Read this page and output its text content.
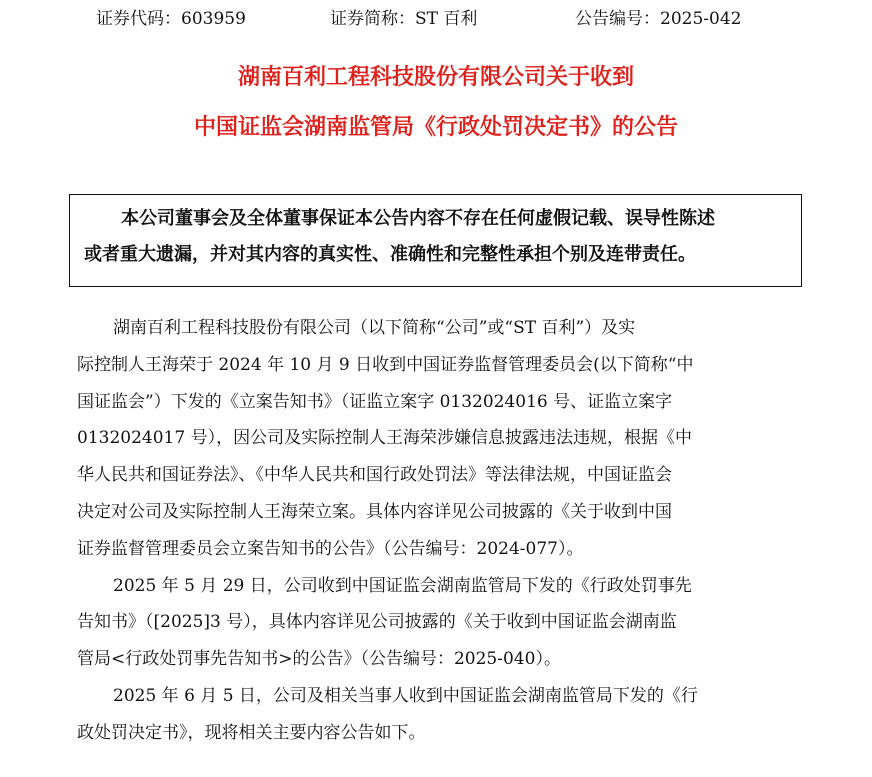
证券代码：603959	证券简称：ST 百利	公告编号：2025-042
湖南百利工程科技股份有限公司关于收到
中国证监会湖南监管局《行政处罚决定书》的公告
本公司董事会及全体董事保证本公告内容不存在任何虚假记载、误导性陈述
或者重大遗漏，并对其内容的真实性、准确性和完整性承担个别及连带责任。
湖南百利工程科技股份有限公司（以下简称“公司”或“ST 百利”）及实
际控制人王海荣于 2024 年 10 月 9 日收到中国证券监督管理委员会(以下简称“中
国证监会”）下发的《立案告知书》（证监立案字 0132024016 号、证监立案字
0132024017 号），因公司及实际控制人王海荣涉嫌信息披露违法违规，根据《中
华人民共和国证券法》、《中华人民共和国行政处罚法》等法律法规，中国证监会
决定对公司及实际控制人王海荣立案。具体内容详见公司披露的《关于收到中国
证券监督管理委员会立案告知书的公告》（公告编号：2024-077）。
2025 年 5 月 29 日，公司收到中国证监会湖南监管局下发的《行政处罚事先
告知书》（[2025]3 号），具体内容详见公司披露的《关于收到中国证监会湖南监
管局<行政处罚事先告知书>的公告》（公告编号：2025-040）。
2025 年 6 月 5 日，公司及相关当事人收到中国证监会湖南监管局下发的《行
政处罚决定书》，现将相关主要内容公告如下。
